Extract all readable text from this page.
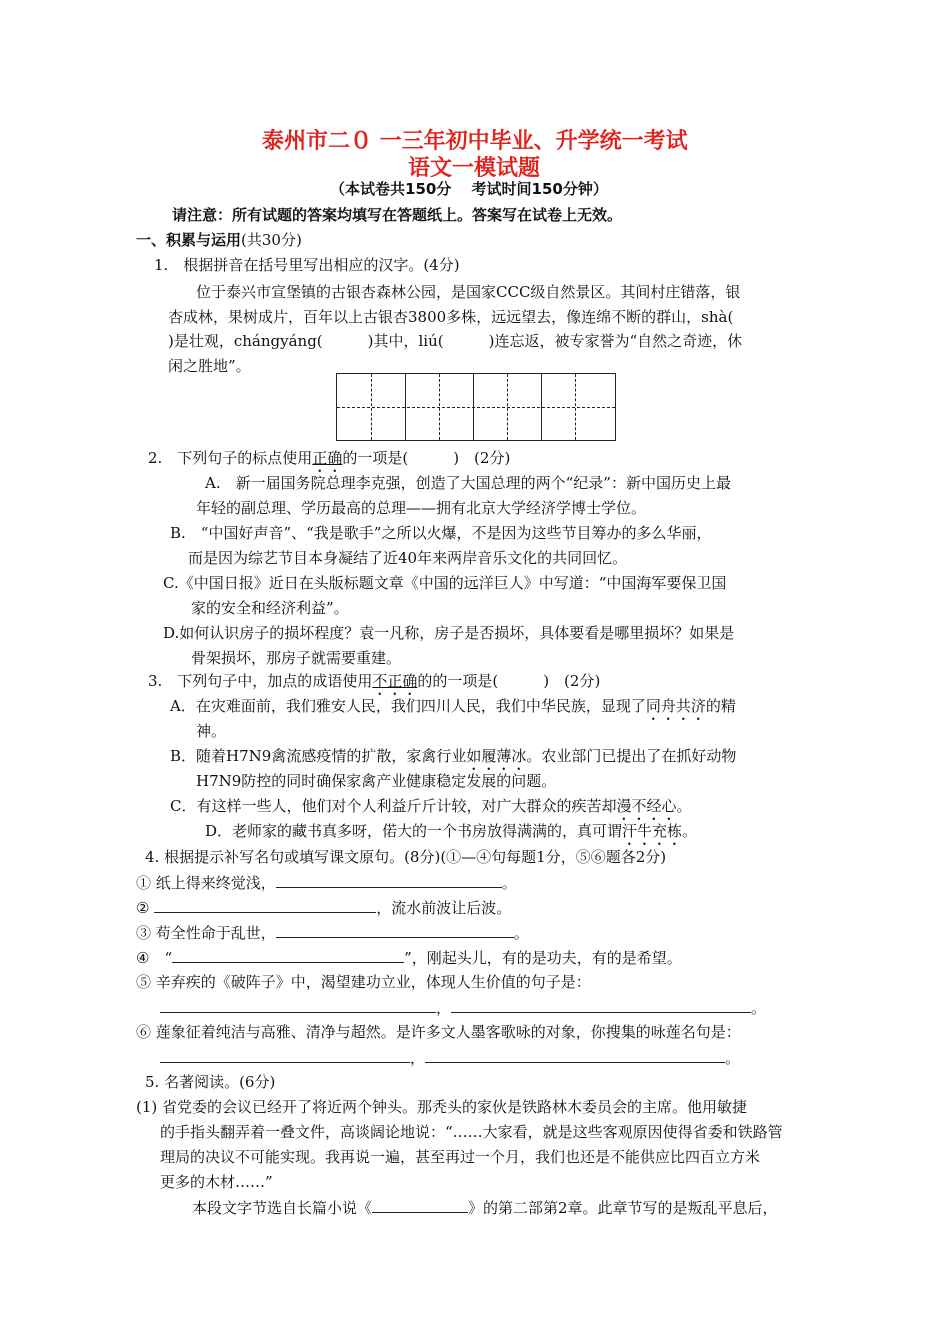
泰州市二０ 一三年初中毕业、升学统一考试
语文一模试题
（本试卷共150分　 考试时间150分钟）
请注意：所有试题的答案均填写在答题纸上。答案写在试卷上无效。
一、积累与运用(共30分)
1.　根据拼音在括号里写出相应的汉字。(4分)
位于泰兴市宣堡镇的古银杏森林公园，是国家CCC级自然景区。其间村庄错落，银
杏成林，果树成片，百年以上古银杏3800多株，远远望去，像连绵不断的群山，shà(
)是壮观，chángyáng(　　　)其中，liú(　　　)连忘返，被专家誉为“自然之奇迹，休
闲之胜地”。
2.　下列句子的标点使用正确的一项是(　　　)　(2分)
A.　新一届国务院总理李克强，创造了大国总理的两个“纪录”：新中国历史上最
年轻的副总理、学历最高的总理——拥有北京大学经济学博士学位。
B.　“中国好声音”、“我是歌手”之所以火爆，不是因为这些节目筹办的多么华丽，
而是因为综艺节目本身凝结了近40年来两岸音乐文化的共同回忆。
C.《中国日报》近日在头版标题文章《中国的远洋巨人》中写道：“中国海军要保卫国
家的安全和经济利益”。
D.如何认识房子的损坏程度？袁一凡称，房子是否损坏，具体要看是哪里损坏？如果是
骨架损坏，那房子就需要重建。
3.　下列句子中，加点的成语使用不正确的的一项是(　　　)　(2分)
A．在灾难面前，我们雅安人民，我们四川人民，我们中华民族，显现了同舟共济的精
神。
B．随着H7N9禽流感疫情的扩散，家禽行业如履薄冰。农业部门已提出了在抓好动物
H7N9防控的同时确保家禽产业健康稳定发展的问题。
C．有这样一些人，他们对个人利益斤斤计较，对广大群众的疾苦却漫不经心。
D．老师家的藏书真多呀，偌大的一个书房放得满满的，真可谓汗牛充栋。
4. 根据提示补写名句或填写课文原句。(8分)(①—④句每题1分，⑤⑥题各2分)
① 纸上得来终觉浅，	。
②	，流水前波让后波。
③ 苟全性命于乱世，	。
④　“	”，刚起头儿，有的是功夫，有的是希望。
⑤ 辛弃疾的《破阵子》中，渴望建功立业，体现人生价值的句子是：
，	。
⑥ 莲象征着纯洁与高雅、清净与超然。是许多文人墨客歌咏的对象，你搜集的咏莲名句是：
，	。
5. 名著阅读。(6分)
(1) 省党委的会议已经开了将近两个钟头。那秃头的家伙是铁路林木委员会的主席。他用敏捷
的手指头翻弄着一叠文件，高谈阔论地说：“……大家看，就是这些客观原因使得省委和铁路管
理局的决议不可能实现。我再说一遍，甚至再过一个月，我们也还是不能供应比四百立方米
更多的木材……”
本段文字节选自长篇小说《	》的第二部第2章。此章节写的是叛乱平息后，
